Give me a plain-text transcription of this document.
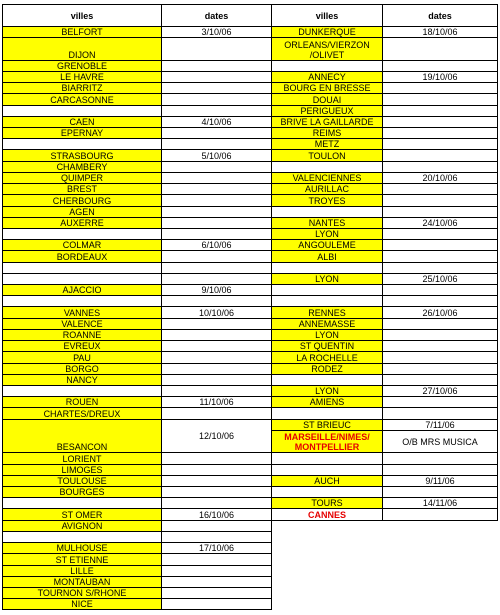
villes	dates
BELFORT	3/10/06
DIJON	
GRENOBLE	
LE HAVRE	
BIARRITZ	
CARCASONNE	

CAEN	4/10/06
EPERNAY	

STRASBOURG	5/10/06
CHAMBERY	
QUIMPER	
BREST	
CHERBOURG	
AGEN	
AUXERRE	

COLMAR	6/10/06
BORDEAUX	

AJACCIO	9/10/06

VANNES	10/10/06
VALENCE	
ROANNE	
EVREUX	
PAU	
BORGO	
NANCY	

ROUEN	11/10/06
CHARTES/DREUX	
BESANCON	12/10/06
LORIENT	
LIMOGES	
TOULOUSE	
BOURGES	

ST OMER	16/10/06
AVIGNON	

MULHOUSE	17/10/06
ST ETIENNE	
LILLE	
MONTAUBAN	
TOURNON S/RHONE	
NICE	
villes	dates
DUNKERQUE	18/10/06
ORLEANS/VIERZON /OLIVET	

ANNECY	19/10/06
BOURG EN BRESSE	
DOUAI	
PERIGUEUX	
BRIVE LA GAILLARDE	
REIMS	
METZ	
TOULON	

VALENCIENNES	20/10/06
AURILLAC	
TROYES	

NANTES	24/10/06
LYON	
ANGOULEME	
ALBI	

LYON	25/10/06

RENNES	26/10/06
ANNEMASSE	
LYON	
ST QUENTIN	
LA ROCHELLE	
RODEZ	

LYON	27/10/06
AMIENS	

ST BRIEUC	7/11/06
MARSEILLE/NIMES/ MONTPELLIER	O/B MRS MUSICA

AUCH	9/11/06

TOURS	14/11/06
CANNES	
